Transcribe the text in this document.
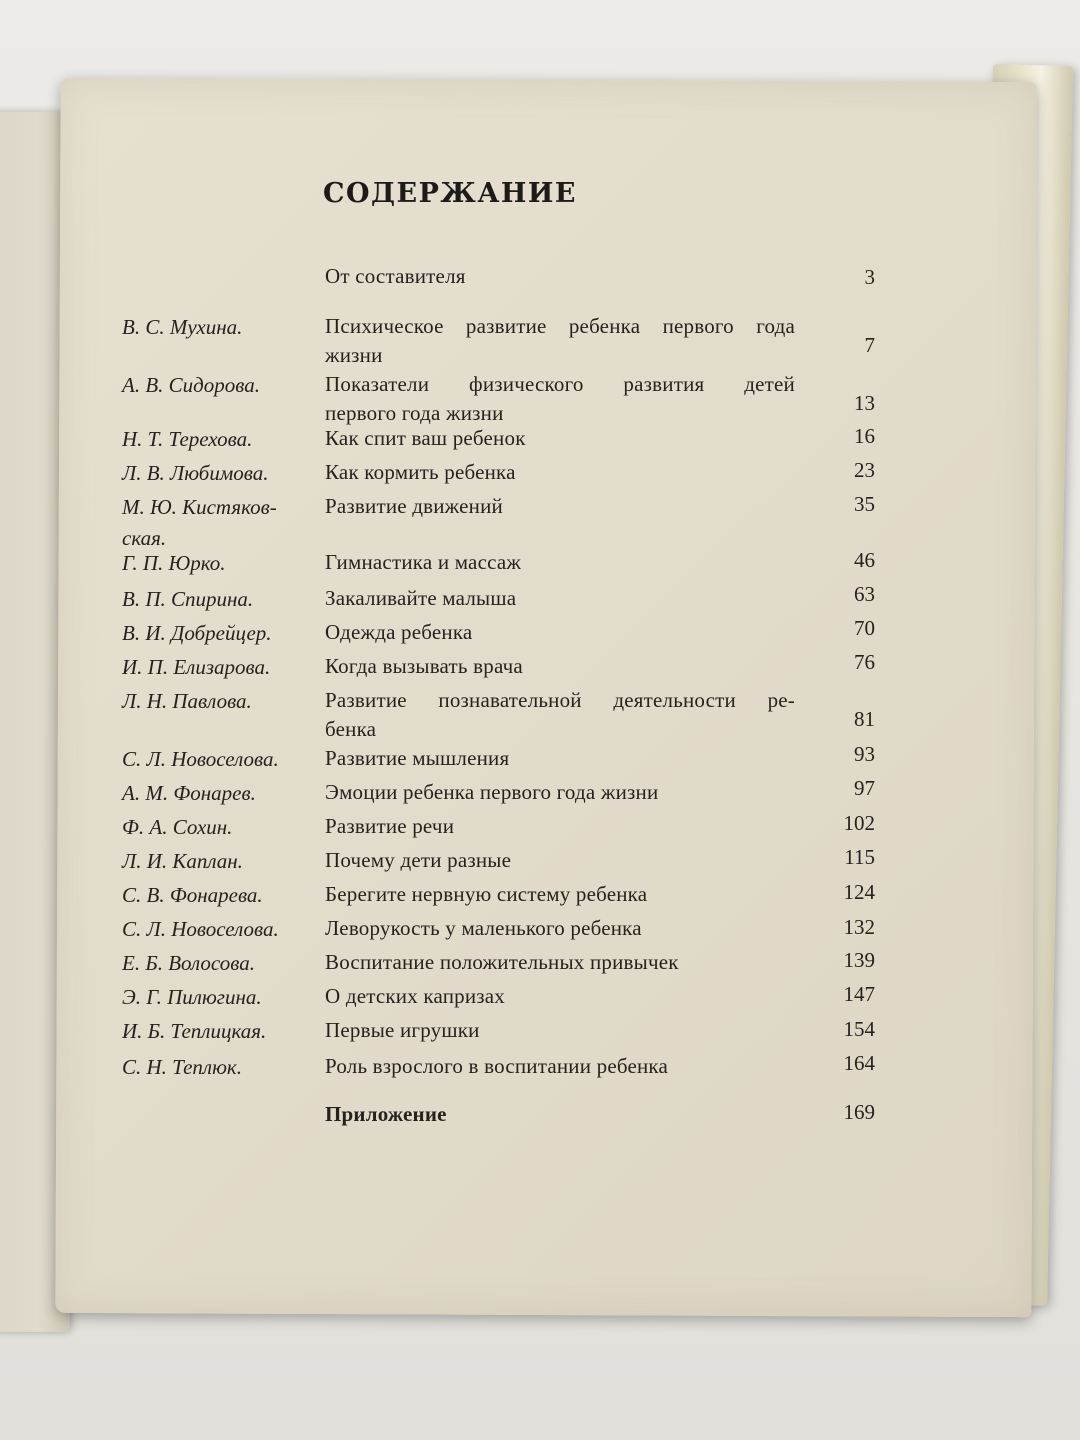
СОДЕРЖАНИЕ
От составителя	3
В. С. Мухина.	Психическое развитие ребенка первого года
жизни	7
А. В. Сидорова.	Показатели физического развития детей
первого года жизни	13
Н. Т. Терехова.	Как спит ваш ребенок	16
Л. В. Любимова.	Как кормить ребенка	23
М. Ю. Кистяков-
ская.
Развитие движений	35
Г. П. Юрко.	Гимнастика и массаж	46
В. П. Спирина.	Закаливайте малыша	63
В. И. Добрейцер.	Одежда ребенка	70
И. П. Елизарова.	Когда вызывать врача	76
Л. Н. Павлова.	Развитие познавательной деятельности ре-
бенка	81
С. Л. Новоселова.	Развитие мышления	93
А. М. Фонарев.	Эмоции ребенка первого года жизни	97
Ф. А. Сохин.	Развитие речи	102
Л. И. Каплан.	Почему дети разные	115
С. В. Фонарева.	Берегите нервную систему ребенка	124
С. Л. Новоселова.	Леворукость у маленького ребенка	132
Е. Б. Волосова.	Воспитание положительных привычек	139
Э. Г. Пилюгина.	О детских капризах	147
И. Б. Теплицкая.	Первые игрушки	154
С. Н. Теплюк.	Роль взрослого в воспитании ребенка	164
Приложение	169
